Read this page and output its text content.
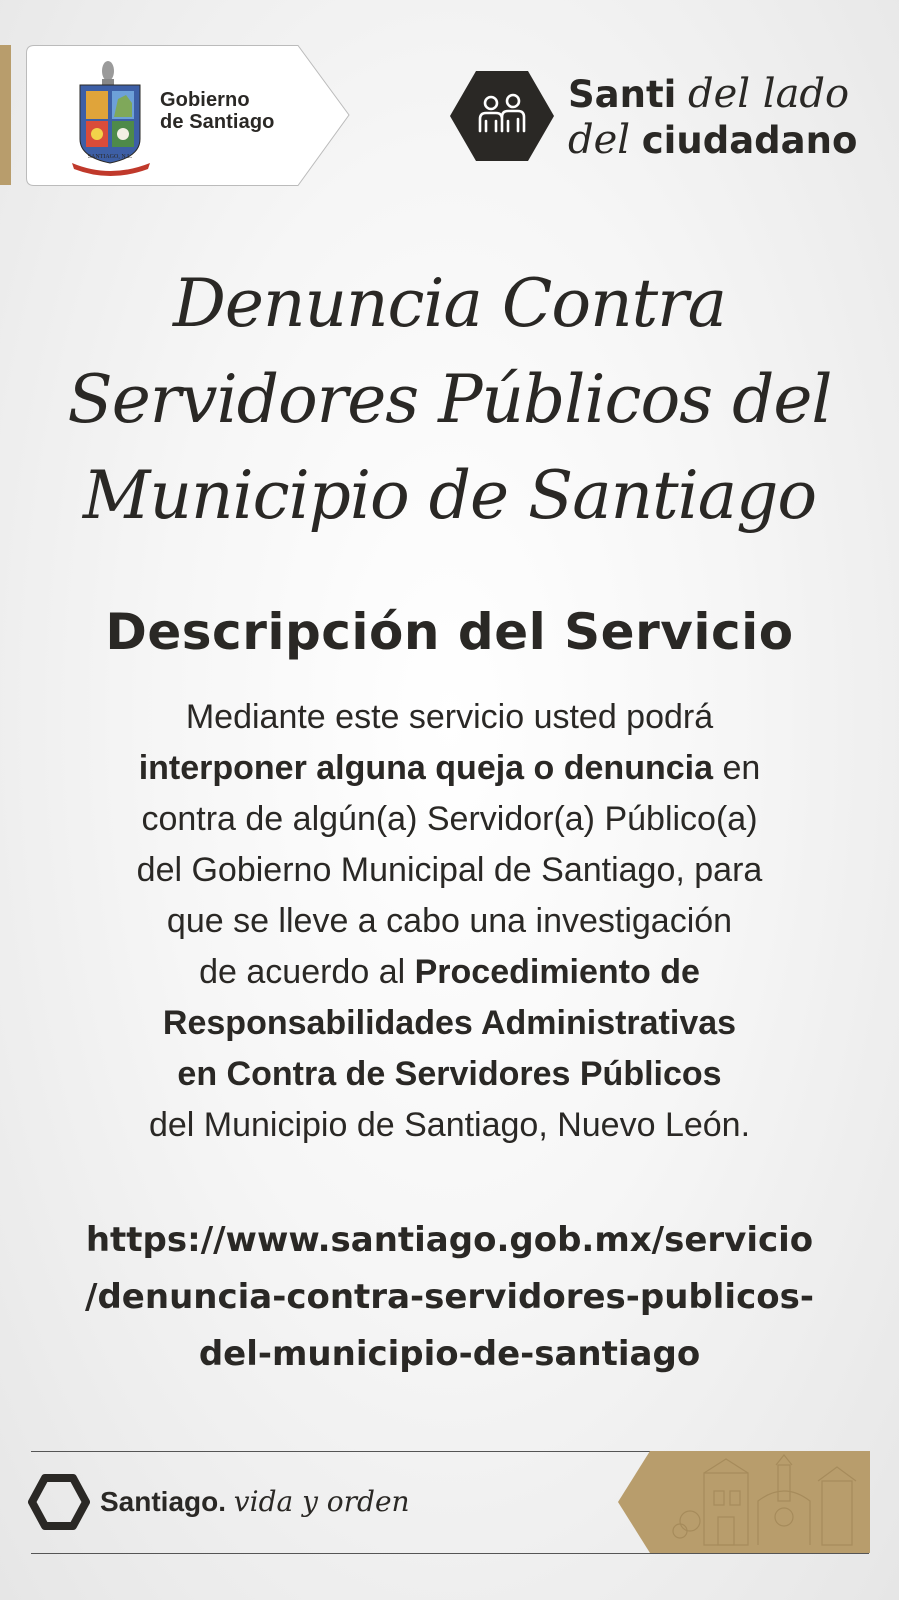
SANTIAGO, N.L.
Gobierno
de Santiago
Santi del lado
del ciudadano
Denuncia Contra
Servidores Públicos del
Municipio de Santiago
Descripción del Servicio

Mediante este servicio usted podrá
interponer alguna queja o denuncia en
contra de algún(a) Servidor(a) Público(a)
del Gobierno Municipal de Santiago, para
que se lleve a cabo una investigación
de acuerdo al Procedimiento de
Responsabilidades Administrativas
en Contra de Servidores Públicos
del Municipio de Santiago, Nuevo León.

https://www.santiago.gob.mx/servicio
/denuncia-contra-servidores-publicos-
del-municipio-de-santiago
Santiago. vida y orden
